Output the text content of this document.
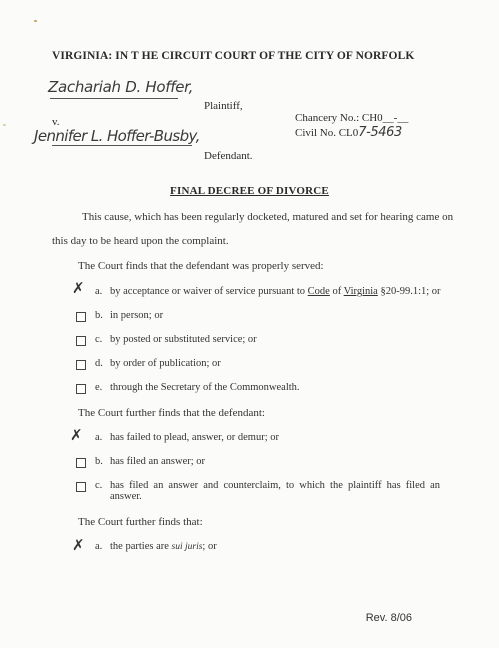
VIRGINIA: IN T HE CIRCUIT COURT OF THE CITY OF NORFOLK
Zachariah D. Hoffer,
Plaintiff,
v.
Jennifer L. Hoffer-Busby,
Defendant.
Chancery No.: CH0__-__
Civil No. CL07-5463
FINAL DECREE OF DIVORCE
This cause, which has been regularly docketed, matured and set for hearing came on
this day to be heard upon the complaint.
The Court finds that the defendant was properly served:
✗ a. by acceptance or waiver of service pursuant to Code of Virginia §20-99.1:1; or
b. in person; or
c. by posted or substituted service; or
d. by order of publication; or
e. through the Secretary of the Commonwealth.
The Court further finds that the defendant:
✗ a. has failed to plead, answer, or demur; or
b. has filed an answer; or
c. has filed an answer and counterclaim, to which the plaintiff has filed an answer.
The Court further finds that:
✗ a. the parties are sui juris; or
Rev. 8/06
